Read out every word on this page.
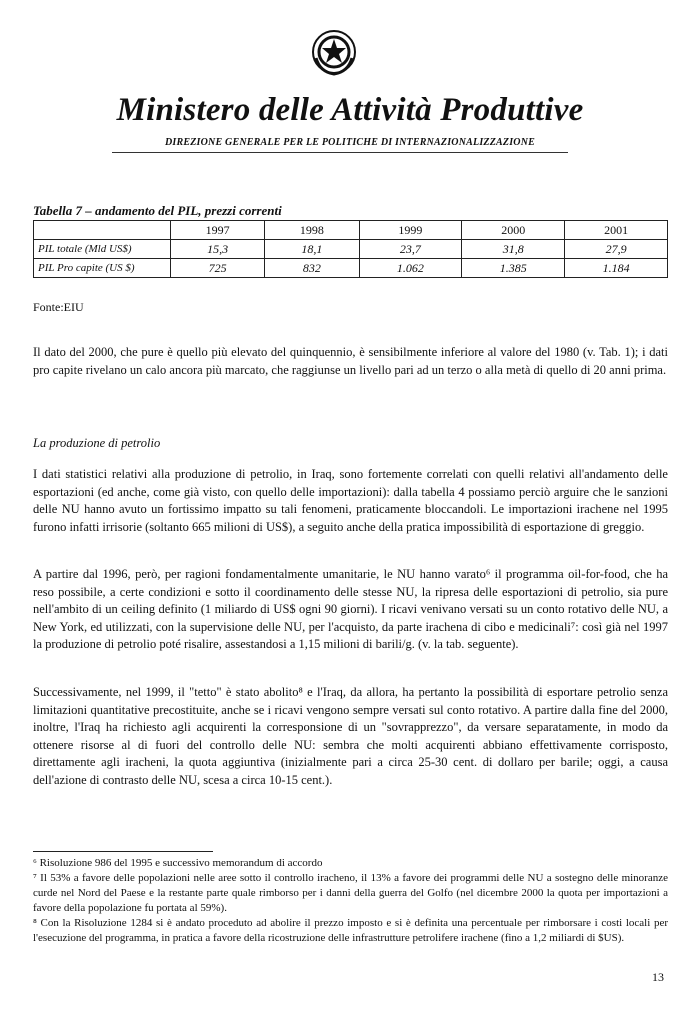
Ministero delle Attività Produttive
DIREZIONE GENERALE PER LE POLITICHE DI INTERNAZIONALIZZAZIONE
Tabella 7 – andamento del PIL, prezzi correnti
	1997	1998	1999	2000	2001
PIL totale (Mld US$)	15,3	18,1	23,7	31,8	27,9
PIL Pro capite (US $)	725	832	1.062	1.385	1.184
Fonte:EIU

Il dato del 2000, che pure è quello più elevato del quinquennio, è sensibilmente inferiore al valore del 1980 (v. Tab. 1); i dati pro capite rivelano un calo ancora più marcato, che raggiunse un livello pari ad un terzo o alla metà di quello di 20 anni prima.

La produzione di petrolio

I dati statistici relativi alla produzione di petrolio, in Iraq, sono fortemente correlati con quelli relativi all'andamento delle esportazioni (ed anche, come già visto, con quello delle importazioni): dalla tabella 4 possiamo perciò arguire che le sanzioni delle NU hanno avuto un fortissimo impatto su tali fenomeni, praticamente bloccandoli. Le importazioni irachene nel 1995 furono infatti irrisorie (soltanto 665 milioni di US$), a seguito anche della pratica impossibilità di esportazione di greggio.

A partire dal 1996, però, per ragioni fondamentalmente umanitarie, le NU hanno varato⁶ il programma oil-for-food, che ha reso possibile, a certe condizioni e sotto il coordinamento delle stesse NU, la ripresa delle esportazioni di petrolio, sia pure nell'ambito di un ceiling definito (1 miliardo di US$ ogni 90 giorni). I ricavi venivano versati su un conto rotativo delle NU, a New York, ed utilizzati, con la supervisione delle NU, per l'acquisto, da parte irachena di cibo e medicinali⁷: così già nel 1997 la produzione di petrolio poté risalire, assestandosi a 1,15 milioni di barili/g. (v. la tab. seguente).

Successivamente, nel 1999, il "tetto" è stato abolito⁸ e l'Iraq, da allora, ha pertanto la possibilità di esportare petrolio senza limitazioni quantitative precostituite, anche se i ricavi vengono sempre versati sul conto rotativo. A partire dalla fine del 2000, inoltre, l'Iraq ha richiesto agli acquirenti la corresponsione di un "sovrapprezzo", da versare separatamente, in modo da ottenere risorse al di fuori del controllo delle NU: sembra che molti acquirenti abbiano effettivamente corrisposto, direttamente agli iracheni, la quota aggiuntiva (inizialmente pari a circa 25-30 cent. di dollaro per barile; oggi, a causa dell'azione di contrasto delle NU, scesa a circa 10-15 cent.).

⁶ Risoluzione 986 del 1995 e successivo memorandum di accordo

⁷ Il 53% a favore delle popolazioni nelle aree sotto il controllo iracheno, il 13% a favore dei programmi delle NU a sostegno delle minoranze curde nel Nord del Paese e la restante parte quale rimborso per i danni della guerra del Golfo (nel dicembre 2000 la quota per importazioni a favore della popolazione fu portata al 59%).

⁸ Con la Risoluzione 1284 si è andato proceduto ad abolire il prezzo imposto e si è definita una percentuale per rimborsare i costi locali per l'esecuzione del programma, in pratica a favore della ricostruzione delle infrastrutture petrolifere irachene (fino a 1,2 miliardi di $US).

13
